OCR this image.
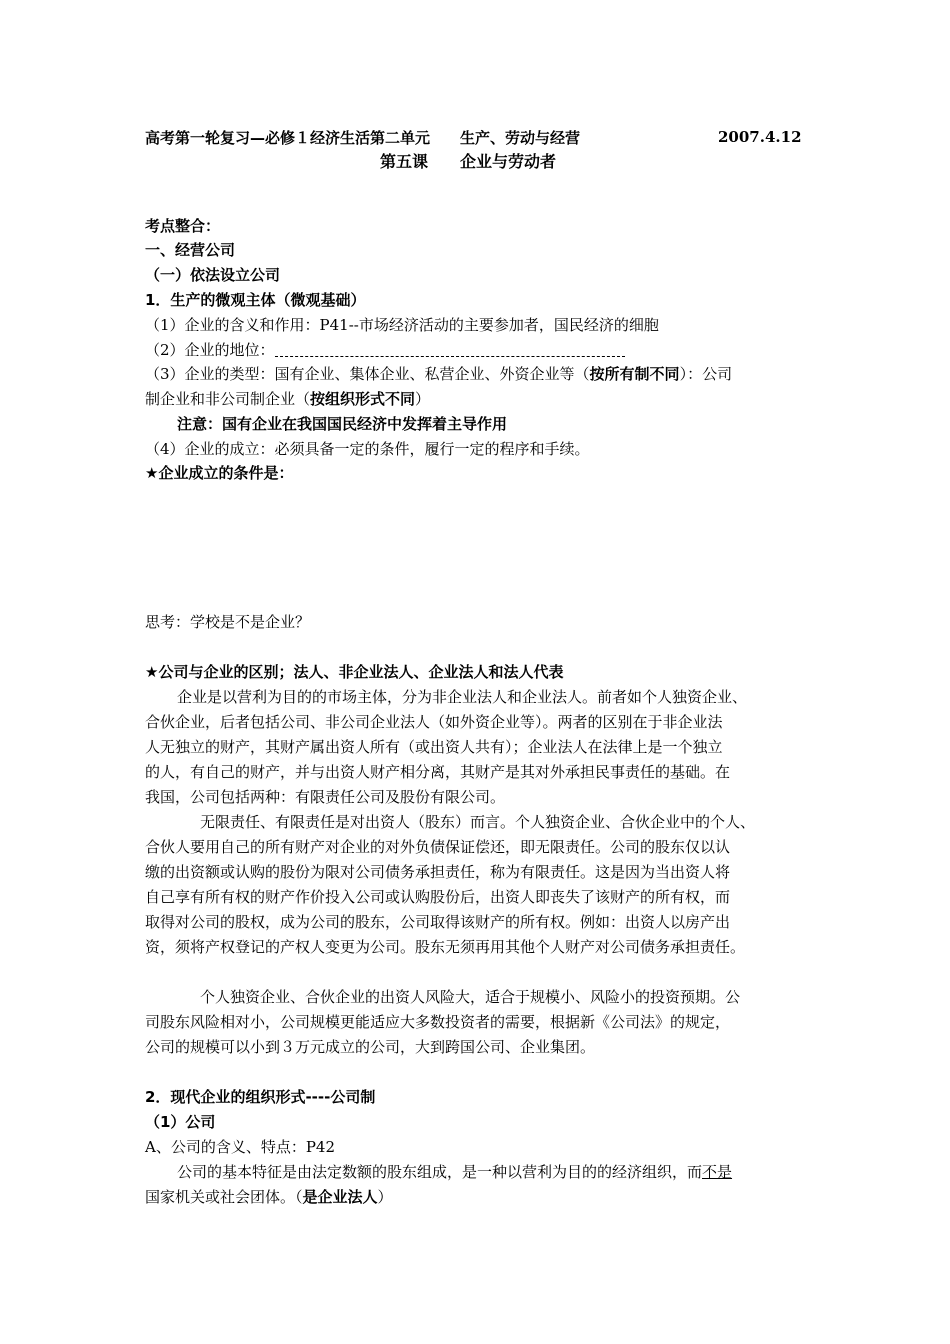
高考第一轮复习—必修１经济生活第二单元　　生产、劳动与经营	2007.4.12
第五课　　企业与劳动者
考点整合：
一、经营公司
（一）依法设立公司
1．生产的微观主体（微观基础）
（1）企业的含义和作用：P41--市场经济活动的主要参加者，国民经济的细胞
（2）企业的地位：
（3）企业的类型：国有企业、集体企业、私营企业、外资企业等（按所有制不同）：公司
制企业和非公司制企业（按组织形式不同）
注意：国有企业在我国国民经济中发挥着主导作用
（4）企业的成立：必须具备一定的条件，履行一定的程序和手续。
★企业成立的条件是：
思考：学校是不是企业？
★公司与企业的区别；法人、非企业法人、企业法人和法人代表
企业是以营利为目的的市场主体，分为非企业法人和企业法人。前者如个人独资企业、
合伙企业，后者包括公司、非公司企业法人（如外资企业等）。两者的区别在于非企业法
人无独立的财产，其财产属出资人所有（或出资人共有）；企业法人在法律上是一个独立
的人，有自己的财产，并与出资人财产相分离，其财产是其对外承担民事责任的基础。在
我国，公司包括两种：有限责任公司及股份有限公司。
无限责任、有限责任是对出资人（股东）而言。个人独资企业、合伙企业中的个人、
合伙人要用自己的所有财产对企业的对外负债保证偿还，即无限责任。公司的股东仅以认
缴的出资额或认购的股份为限对公司债务承担责任，称为有限责任。这是因为当出资人将
自己享有所有权的财产作价投入公司或认购股份后，出资人即丧失了该财产的所有权，而
取得对公司的股权，成为公司的股东，公司取得该财产的所有权。例如：出资人以房产出
资，须将产权登记的产权人变更为公司。股东无须再用其他个人财产对公司债务承担责任。
个人独资企业、合伙企业的出资人风险大，适合于规模小、风险小的投资预期。公
司股东风险相对小，公司规模更能适应大多数投资者的需要，根据新《公司法》的规定，
公司的规模可以小到３万元成立的公司，大到跨国公司、企业集团。
2．现代企业的组织形式----公司制
（1）公司
A、公司的含义、特点：P42
公司的基本特征是由法定数额的股东组成，是一种以营利为目的的经济组织，而不是
国家机关或社会团体。（是企业法人）
